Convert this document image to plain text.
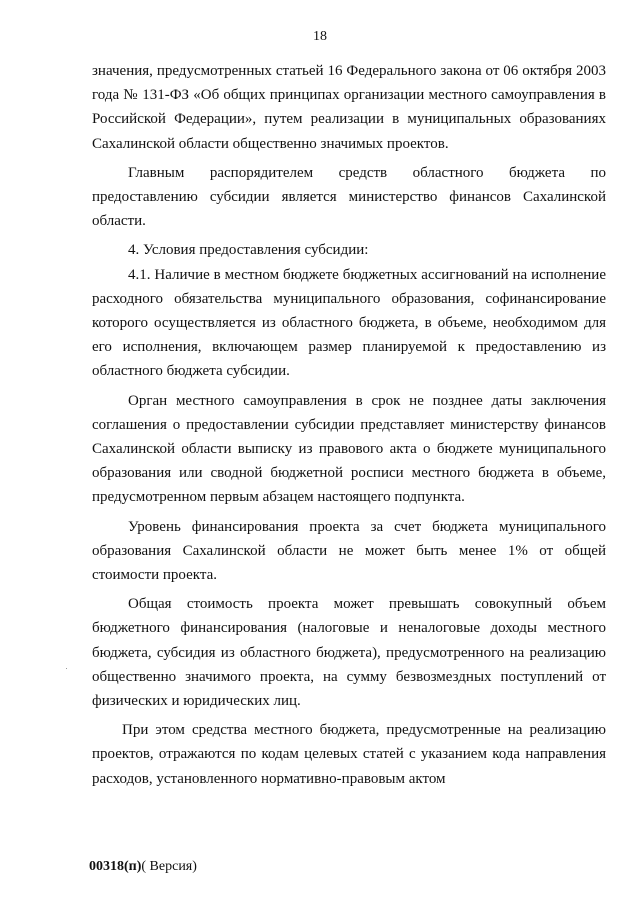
18

значения, предусмотренных статьей 16 Федерального закона от 06 октября 2003 года № 131-ФЗ «Об общих принципах организации местного самоуправления в Российской Федерации», путем реализации в муниципальных образованиях Сахалинской области общественно значимых проектов.

Главным распорядителем средств областного бюджета по предоставлению субсидии является министерство финансов Сахалинской области.

4. Условия предоставления субсидии:

4.1. Наличие в местном бюджете бюджетных ассигнований на исполнение расходного обязательства муниципального образования, софинансирование которого осуществляется из областного бюджета, в объеме, необходимом для его исполнения, включающем размер планируемой к предоставлению из областного бюджета субсидии.

Орган местного самоуправления в срок не позднее даты заключения соглашения о предоставлении субсидии представляет министерству финансов Сахалинской области выписку из правового акта о бюджете муниципального образования или сводной бюджетной росписи местного бюджета в объеме, предусмотренном первым абзацем настоящего подпункта.

Уровень финансирования проекта за счет бюджета муниципального образования Сахалинской области не может быть менее 1% от общей стоимости проекта.

Общая стоимость проекта может превышать совокупный объем бюджетного финансирования (налоговые и неналоговые доходы местного бюджета, субсидия из областного бюджета), предусмотренного на реализацию общественно значимого проекта, на сумму безвозмездных поступлений от физических и юридических лиц.

При этом средства местного бюджета, предусмотренные на реализацию проектов, отражаются по кодам целевых статей с указанием кода направления расходов, установленного нормативно-правовым актом

00318(п)( Версия)
